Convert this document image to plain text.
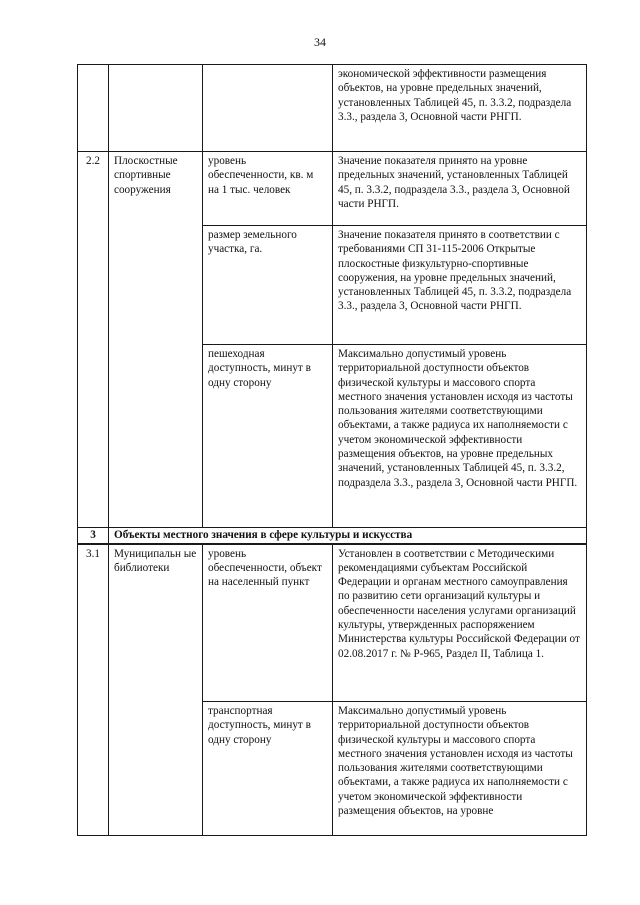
34
			экономической эффективности размещения объектов, на уровне предельных значений, установленных Таблицей 45, п. 3.3.2, подраздела 3.3., раздела 3, Основной части РНГП.
2.2	Плоскостные спортивные сооружения	уровень обеспеченности, кв. м на 1 тыс. человек	Значение показателя принято на уровне предельных значений, установленных Таблицей 45, п. 3.3.2, подраздела 3.3., раздела 3, Основной части РНГП.
		размер земельного участка, га.	Значение показателя принято в соответствии с требованиями СП 31-115-2006 Открытые плоскостные физкультурно-спортивные сооружения, на уровне предельных значений, установленных Таблицей 45, п. 3.3.2, подраздела 3.3., раздела 3, Основной части РНГП.
		пешеходная доступность, минут в одну сторону	Максимально допустимый уровень территориальной доступности объектов физической культуры и массового спорта местного значения установлен исходя из частоты пользования жителями соответствующими объектами, а также радиуса их наполняемости с учетом экономической эффективности размещения объектов, на уровне предельных значений, установленных Таблицей 45, п. 3.3.2, подраздела 3.3., раздела 3, Основной части РНГП.
3	Объекты местного значения в сфере культуры и искусства		
3.1	Муниципальн ые библиотеки	уровень обеспеченности, объект на населенный пункт	Установлен в соответствии с Методическими рекомендациями субъектам Российской Федерации и органам местного самоуправления по развитию сети организаций культуры и обеспеченности населения услугами организаций культуры, утвержденных распоряжением Министерства культуры Российской Федерации от 02.08.2017 г. № Р-965, Раздел II, Таблица 1.
		транспортная доступность, минут в одну сторону	Максимально допустимый уровень территориальной доступности объектов физической культуры и массового спорта местного значения установлен исходя из частоты пользования жителями соответствующими объектами, а также радиуса их наполняемости с учетом экономической эффективности размещения объектов, на уровне
